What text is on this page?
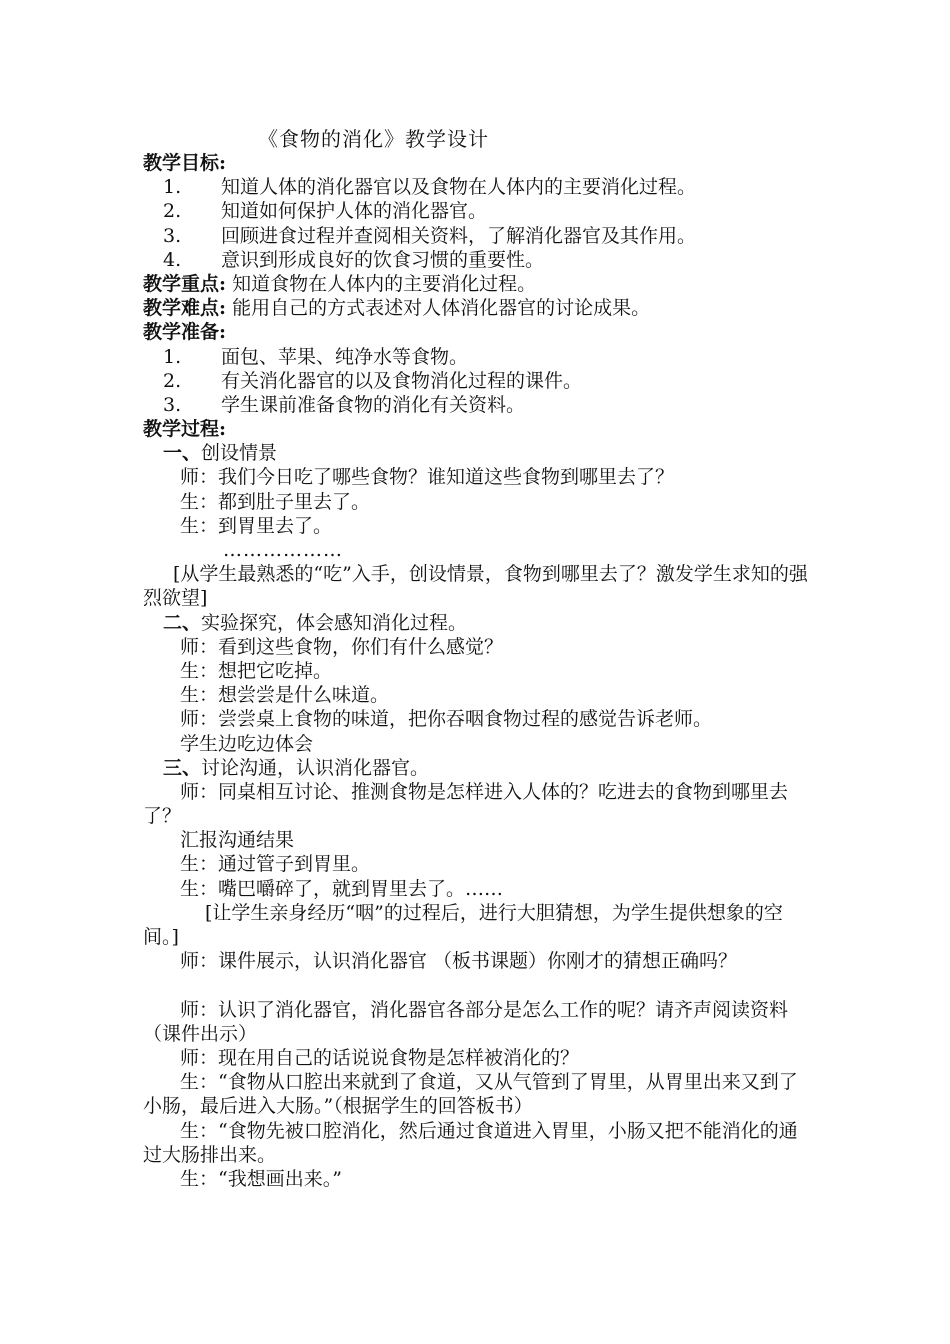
《食物的消化》教学设计
教学目标:
1. 知道人体的消化器官以及食物在人体内的主要消化过程。
2. 知道如何保护人体的消化器官。
3. 回顾进食过程并查阅相关资料，了解消化器官及其作用。
4. 意识到形成良好的饮食习惯的重要性。
教学重点: 知道食物在人体内的主要消化过程。
教学难点: 能用自己的方式表述对人体消化器官的讨论成果。
教学准备:
1. 面包、苹果、纯净水等食物。
2. 有关消化器官的以及食物消化过程的课件。
3. 学生课前准备食物的消化有关资料。
教学过程:
一、创设情景
师：我们今日吃了哪些食物？谁知道这些食物到哪里去了？
生：都到肚子里去了。
生：到胃里去了。
………………
[从学生最熟悉的“吃”入手，创设情景，食物到哪里去了？激发学生求知的强烈欲望]
二、实验探究，体会感知消化过程。
师：看到这些食物，你们有什么感觉？
生：想把它吃掉。
生：想尝尝是什么味道。
师：尝尝桌上食物的味道，把你吞咽食物过程的感觉告诉老师。
学生边吃边体会
三、讨论沟通，认识消化器官。
师：同桌相互讨论、推测食物是怎样进入人体的？吃进去的食物到哪里去了？
汇报沟通结果
生：通过管子到胃里。
生：嘴巴嚼碎了，就到胃里去了。……
[让学生亲身经历“咽”的过程后，进行大胆猜想，为学生提供想象的空间。]
师：课件展示，认识消化器官 （板书课题）你刚才的猜想正确吗？
师：认识了消化器官，消化器官各部分是怎么工作的呢？请齐声阅读资料（课件出示）
师：现在用自己的话说说食物是怎样被消化的？
生：“食物从口腔出来就到了食道，又从气管到了胃里，从胃里出来又到了小肠，最后进入大肠。”（根据学生的回答板书）
生：“食物先被口腔消化，然后通过食道进入胃里，小肠又把不能消化的通过大肠排出来。
生：“我想画出来。”
